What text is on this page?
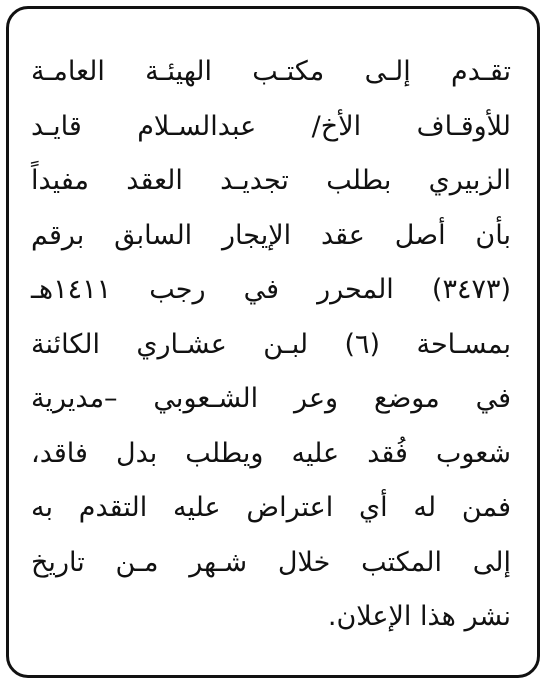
تقـدم إلـى مكتـب الهيئـة العامـة
للأوقـاف الأخ/ عبدالسـلام قايـد
الزبيري بطلب تجديـد العقد مفيداً
بأن أصل عقد الإيجار السابق برقم
(٣٤٧٣) المحرر في رجب ١٤١١هـ
بمسـاحة (٦) لبـن عشـاري الكائنة
في موضع وعر الشـعوبي –مديرية
شعوب فُقد عليه ويطلب بدل فاقد،
فمن له أي اعتراض عليه التقدم به
إلى المكتب خلال شـهر مـن تاريخ
نشر هذا الإعلان.
